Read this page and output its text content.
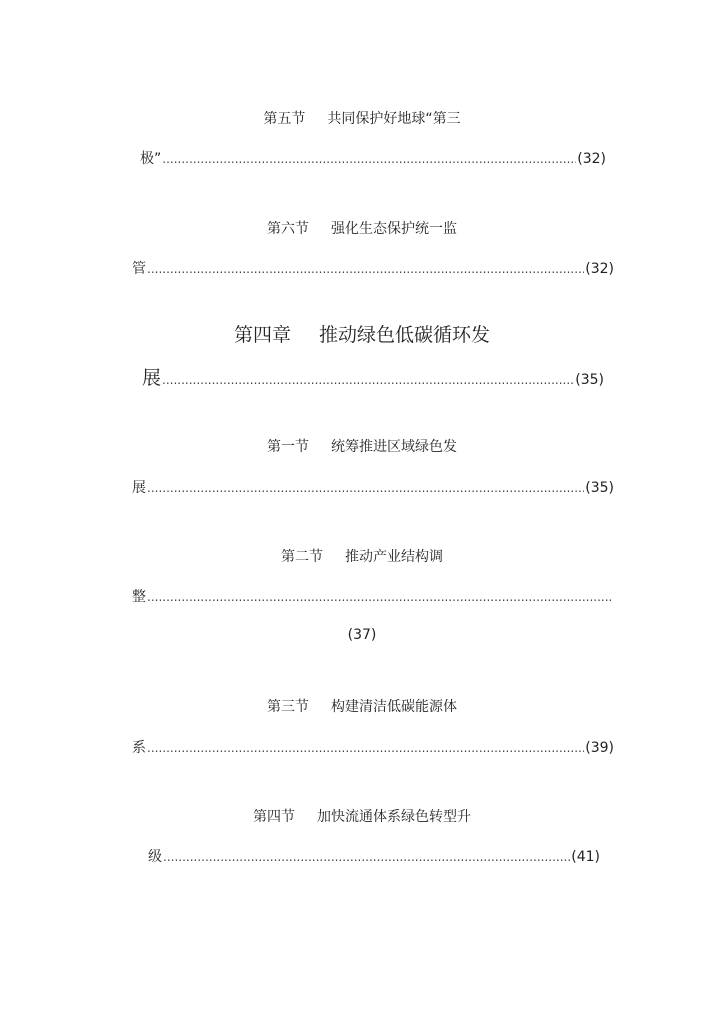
第五节 共同保护好地球“第三
极” .....	(32)
第六节 强化生态保护统一监
管 .....	(32)
第四章 推动绿色低碳循环发
展 .....	(35)
第一节 统筹推进区域绿色发
展 .....	(35)
第二节 推动产业结构调
整
.....
(37)
第三节 构建清洁低碳能源体
系 .....	(39)
第四节 加快流通体系绿色转型升
级 .....	(41)
